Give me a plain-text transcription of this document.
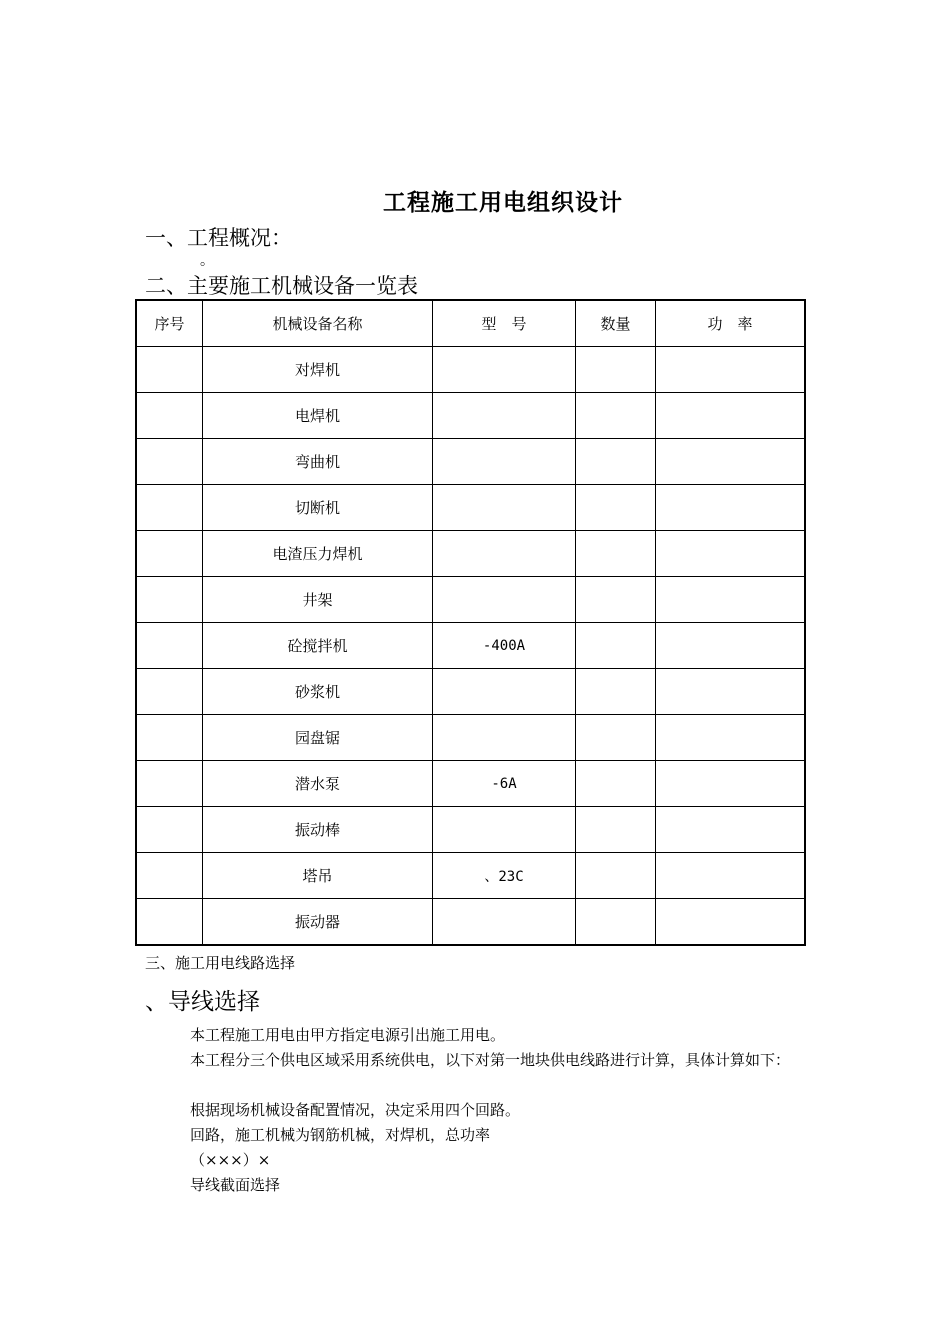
工程施工用电组织设计
一、工程概况：
。
二、主要施工机械设备一览表
序号	机械设备名称	型　号	数量	功　率
	对焊机			
	电焊机			
	弯曲机			
	切断机			
	电渣压力焊机			
	井架			
	砼搅拌机	-400A		
	砂浆机			
	园盘锯			
	潜水泵	-6A		
	振动棒			
	塔吊	、23C		
	振动器			
三、施工用电线路选择
、导线选择
本工程施工用电由甲方指定电源引出施工用电。
本工程分三个供电区域采用系统供电，以下对第一地块供电线路进行计算，具体计算如下：
根据现场机械设备配置情况，决定采用四个回路。
回路，施工机械为钢筋机械，对焊机，总功率
（×××）×
导线截面选择
